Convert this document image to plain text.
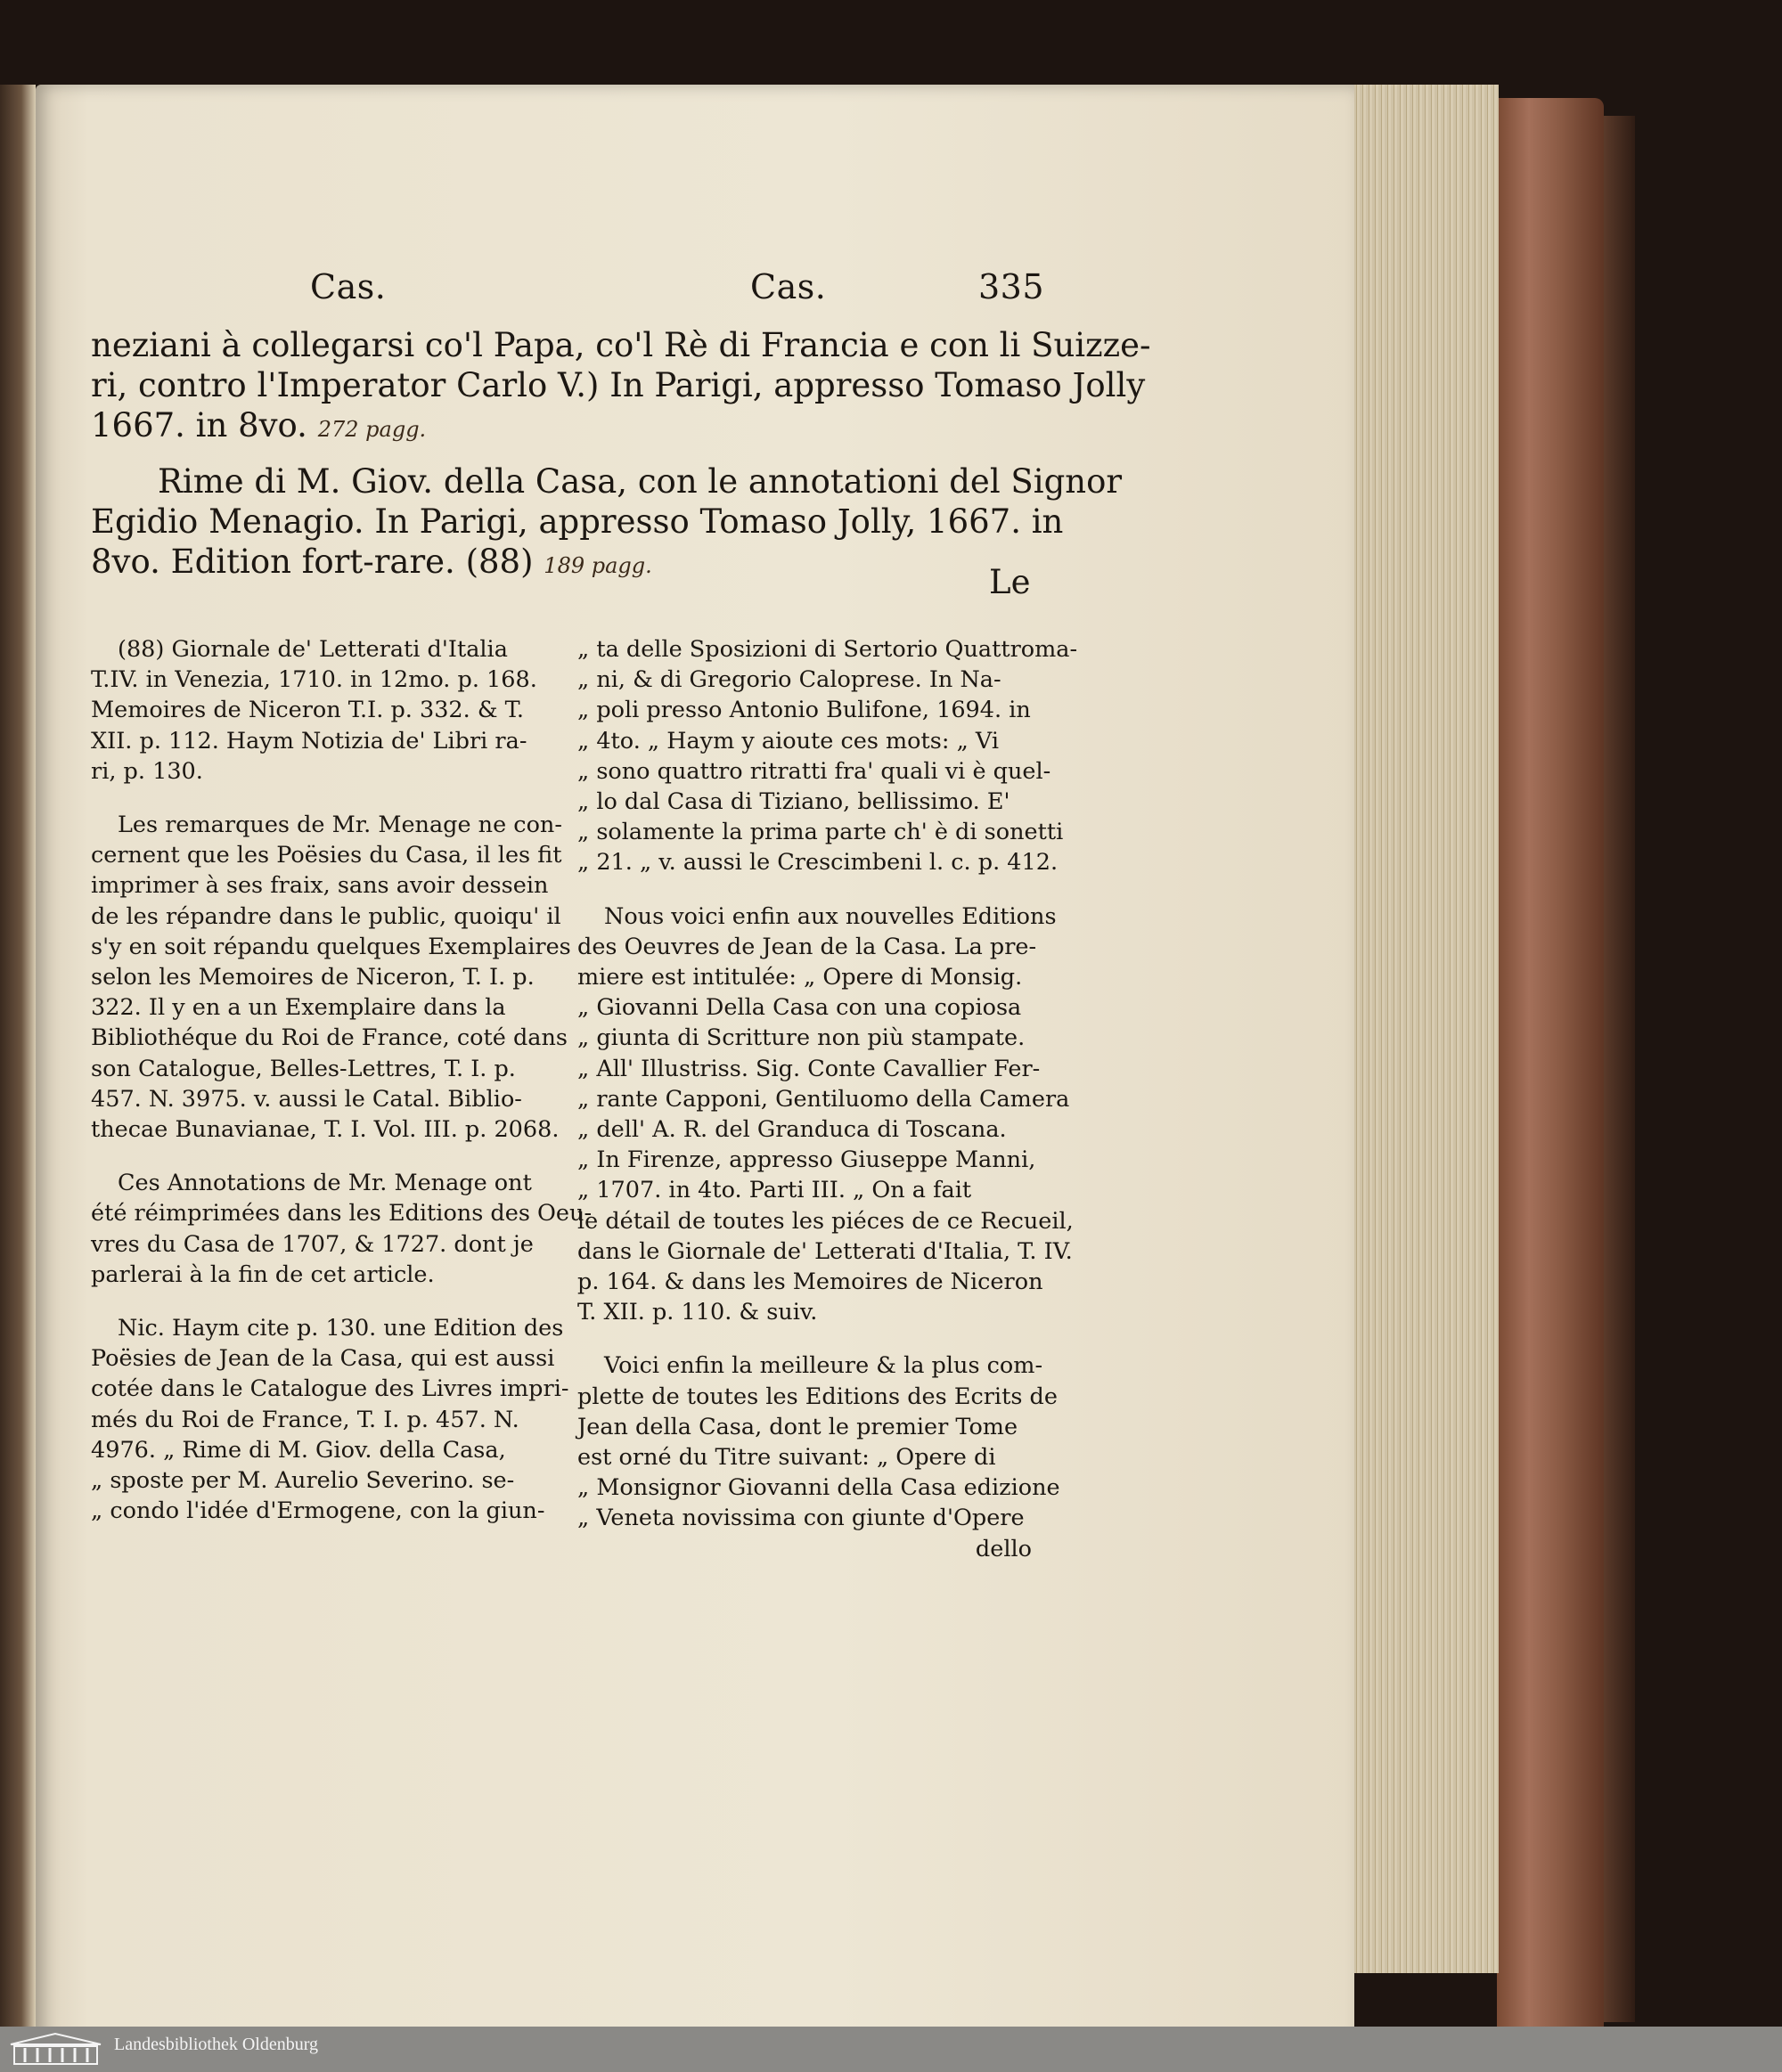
Cas.	Cas.	335
neziani à collegarsi co'l Papa, co'l Rè di Francia e con li Suizze-
ri, contro l'Imperator Carlo V.) In Parigi, appresso Tomaso Jolly
1667. in 8vo. 272 pagg.
Rime di M. Giov. della Casa, con le annotationi del Signor
Egidio Menagio. In Parigi, appresso Tomaso Jolly, 1667. in
8vo. Edition fort-rare. (88) 189 pagg.	Le

(88) Giornale de' Letterati d'Italia
T.IV. in Venezia, 1710. in 12mo. p. 168.
Memoires de Niceron T.I. p. 332. & T.
XII. p. 112. Haym Notizia de' Libri ra-
ri, p. 130.

Les remarques de Mr. Menage ne con-
cernent que les Poësies du Casa, il les fit
imprimer à ses fraix, sans avoir dessein
de les répandre dans le public, quoiqu' il
s'y en soit répandu quelques Exemplaires
selon les Memoires de Niceron, T. I. p.
322. Il y en a un Exemplaire dans la
Bibliothéque du Roi de France, coté dans
son Catalogue, Belles-Lettres, T. I. p.
457. N. 3975. v. aussi le Catal. Biblio-
thecae Bunavianae, T. I. Vol. III. p. 2068.

Ces Annotations de Mr. Menage ont
été réimprimées dans les Editions des Oeu-
vres du Casa de 1707, & 1727. dont je
parlerai à la fin de cet article.

Nic. Haym cite p. 130. une Edition des
Poësies de Jean de la Casa, qui est aussi
cotée dans le Catalogue des Livres impri-
més du Roi de France, T. I. p. 457. N.
4976. „ Rime di M. Giov. della Casa,
„ sposte per M. Aurelio Severino. se-
„ condo l'idée d'Ermogene, con la giun-

„ ta delle Sposizioni di Sertorio Quattroma-
„ ni, & di Gregorio Caloprese. In Na-
„ poli presso Antonio Bulifone, 1694. in
„ 4to. „ Haym y aioute ces mots: „ Vi
„ sono quattro ritratti fra' quali vi è quel-
„ lo dal Casa di Tiziano, bellissimo. E'
„ solamente la prima parte ch' è di sonetti
„ 21. „ v. aussi le Crescimbeni l. c. p. 412.

Nous voici enfin aux nouvelles Editions
des Oeuvres de Jean de la Casa. La pre-
miere est intitulée: „ Opere di Monsig.
„ Giovanni Della Casa con una copiosa
„ giunta di Scritture non più stampate.
„ All' Illustriss. Sig. Conte Cavallier Fer-
„ rante Capponi, Gentiluomo della Camera
„ dell' A. R. del Granduca di Toscana.
„ In Firenze, appresso Giuseppe Manni,
„ 1707. in 4to. Parti III. „ On a fait
le détail de toutes les piéces de ce Recueil,
dans le Giornale de' Letterati d'Italia, T. IV.
p. 164. & dans les Memoires de Niceron
T. XII. p. 110. & suiv.

Voici enfin la meilleure & la plus com-
plette de toutes les Editions des Ecrits de
Jean della Casa, dont le premier Tome
est orné du Titre suivant: „ Opere di
„ Monsignor Giovanni della Casa edizione
„ Veneta novissima con giunte d'Opere
dello

Landesbibliothek Oldenburg
